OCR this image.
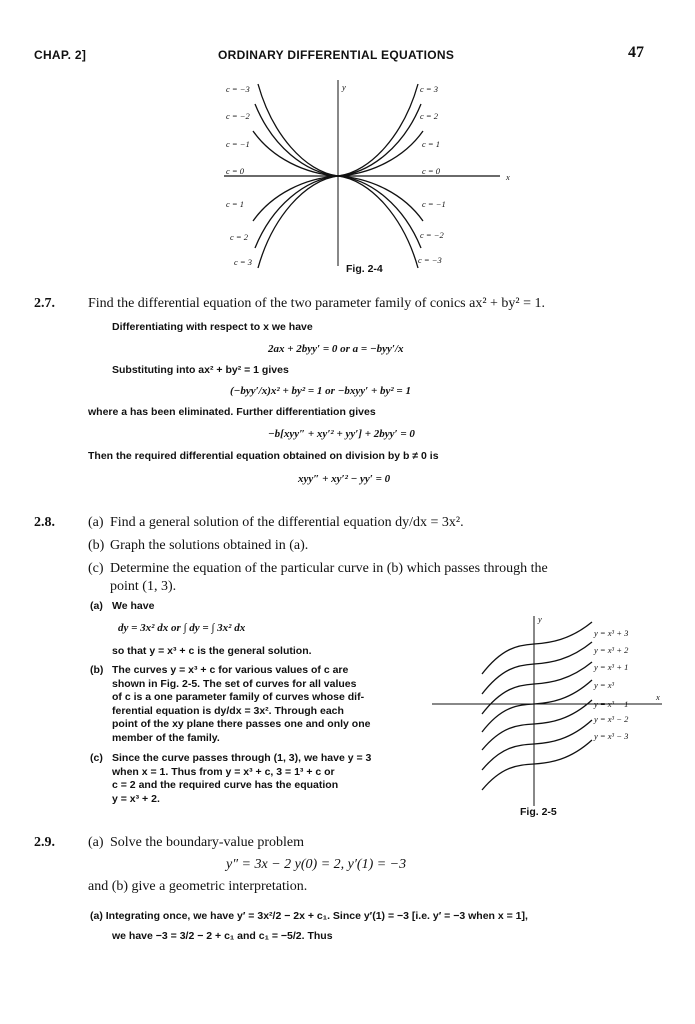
CHAP. 2]	ORDINARY DIFFERENTIAL EQUATIONS	47
y
x
c = −3
c = −2
c = −1
c = 0
c = 1
c = 2
c = 3
c = 3
c = 2
c = 1
c = 0
c = −1
c = −2
c = −3
Fig. 2-4
2.7. Find the differential equation of the two parameter family of conics ax² + by² = 1.
Differentiating with respect to x we have
2ax + 2byy′ = 0 or a = −byy′/x
Substituting into ax² + by² = 1 gives
(−byy′/x)x² + by² = 1 or −bxyy′ + by² = 1
where a has been eliminated. Further differentiation gives
−b[xyy″ + xy′² + yy′] + 2byy′ = 0
Then the required differential equation obtained on division by b ≠ 0 is
xyy″ + xy′² − yy′ = 0
2.8. (a) Find a general solution of the differential equation dy/dx = 3x².
(b) Graph the solutions obtained in (a).
(c) Determine the equation of the particular curve in (b) which passes through the
point (1, 3).
(a) We have
dy = 3x² dx or ∫ dy = ∫ 3x² dx
so that y = x³ + c is the general solution.
(b) The curves y = x³ + c for various values of c are
shown in Fig. 2-5. The set of curves for all values
of c is a one parameter family of curves whose dif-
ferential equation is dy/dx = 3x². Through each
point of the xy plane there passes one and only one
member of the family.
(c) Since the curve passes through (1, 3), we have y = 3
when x = 1. Thus from y = x³ + c, 3 = 1³ + c or
c = 2 and the required curve has the equation
y = x³ + 2.
y
x
y = x³ + 3
y = x³ + 2
y = x³ + 1
y = x³
y = x³ − 1
y = x³ − 2
y = x³ − 3
Fig. 2-5
2.9. (a) Solve the boundary-value problem
y″ = 3x − 2 y(0) = 2, y′(1) = −3
and (b) give a geometric interpretation.
(a) Integrating once, we have y′ = 3x²/2 − 2x + c₁. Since y′(1) = −3 [i.e. y′ = −3 when x = 1],
we have −3 = 3/2 − 2 + c₁ and c₁ = −5/2. Thus
